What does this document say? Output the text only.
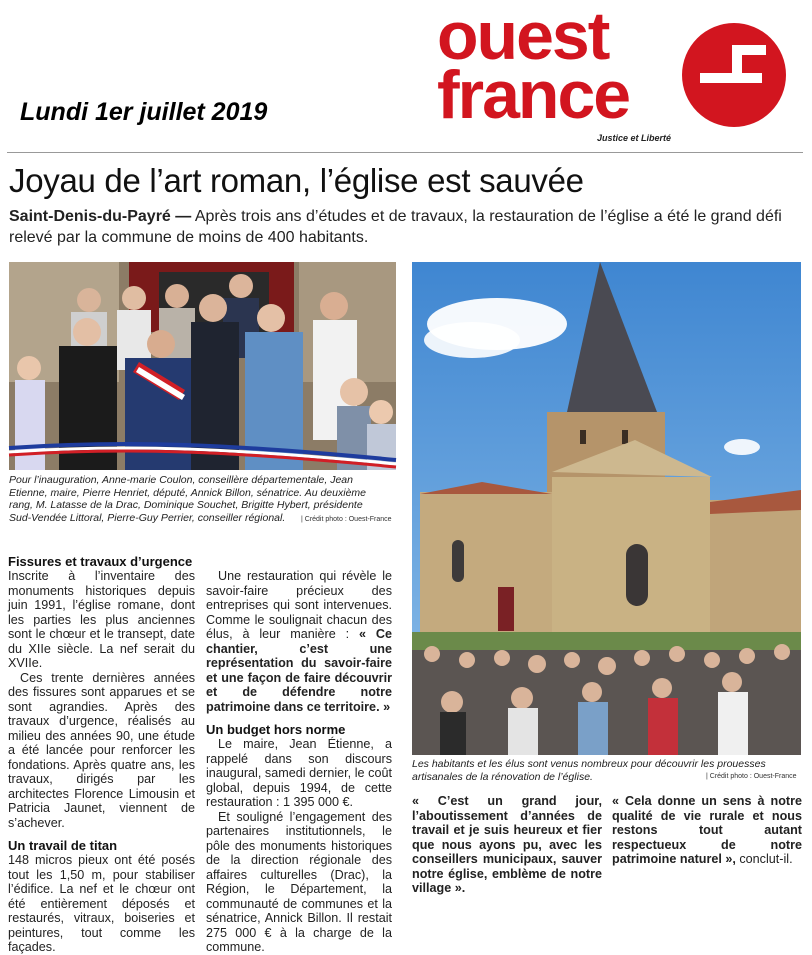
Lundi 1er juillet 2019
ouest
france
Justice et Liberté
Joyau de l’art roman, l’église est sauvée
Saint-Denis-du-Payré — Après trois ans d’études et de travaux, la restauration de l’église a été le grand défi relevé par la commune de moins de 400 habitants.
Pour l’inauguration, Anne-marie Coulon, conseillère départementale, Jean Etienne, maire, Pierre Henriet, député, Annick Billon, sénatrice. Au deuxième rang, M. Latasse de la Drac, Dominique Souchet, Brigitte Hybert, présidente Sud-Vendée Littoral, Pierre-Guy Perrier, conseiller régional.	| Crédit photo : Ouest-France
Les habitants et les élus sont venus nombreux pour découvrir les prouesses artisanales de la rénovation de l’église.	| Crédit photo : Ouest-France
Fissures et travaux d’urgence

Inscrite à l’inventaire des monuments historiques depuis juin 1991, l’église romane, dont les parties les plus anciennes sont le chœur et le transept, date du XIIe siècle. La nef serait du XVIIe.

Ces trente dernières années des fissures sont apparues et se sont agrandies. Après des travaux d’urgence, réalisés au milieu des années 90, une étude a été lancée pour renforcer les fondations. Après quatre ans, les travaux, dirigés par les architectes Florence Limousin et Patricia Jaunet, viennent de s’achever.

Un travail de titan

148 micros pieux ont été posés tout les 1,50 m, pour stabiliser l’édifice. La nef et le chœur ont été entièrement déposés et restaurés, vitraux, boiseries et peintures, tout comme les façades.

Une restauration qui révèle le savoir-faire précieux des entreprises qui sont intervenues. Comme le soulignait chacun des élus, à leur manière : « Ce chantier, c’est une représentation du savoir-faire et une façon de faire découvrir et de défendre notre patrimoine dans ce territoire. »

Un budget hors norme

Le maire, Jean Étienne, a rappelé dans son discours inaugural, samedi dernier, le coût global, depuis 1994, de cette restauration : 1 395 000 €.

Et souligné l’engagement des partenaires institutionnels, le pôle des monuments historiques de la direction régionale des affaires culturelles (Drac), la Région, le Département, la communauté de communes et la sénatrice, Annick Billon. Il restait 275 000 € à la charge de la commune.

« C’est un grand jour, l’aboutissement d’années de travail et je suis heureux et fier que nous ayons pu, avec les conseillers municipaux, sauver notre église, emblème de notre village ».

« Cela donne un sens à notre qualité de vie rurale et nous restons tout autant respectueux de notre patrimoine naturel », conclut-il.
